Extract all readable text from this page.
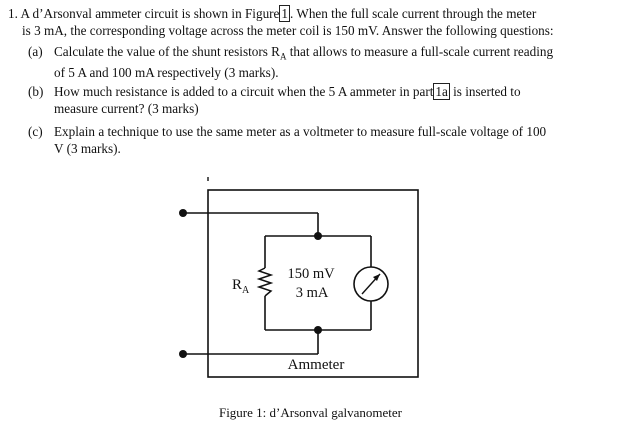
1. A d’Arsonval ammeter circuit is shown in Figure 1 . When the full scale current through the meter
is 3 mA, the corresponding voltage across the meter coil is 150 mV. Answer the following questions:
(a) Calculate the value of the shunt resistors $R_A$ that allows to measure a full-scale current reading
of 5 A and 100 mA respectively (3 marks).
(b) How much resistance is added to a circuit when the 5 A ammeter in part 1a is inserted to
measure current? (3 marks)
(c) Explain a technique to use the same meter as a voltmeter to measure full-scale voltage of 100
V (3 marks).
$R_A$
150 mV
3 mA
Ammeter
Figure 1: d’Arsonval galvanometer
